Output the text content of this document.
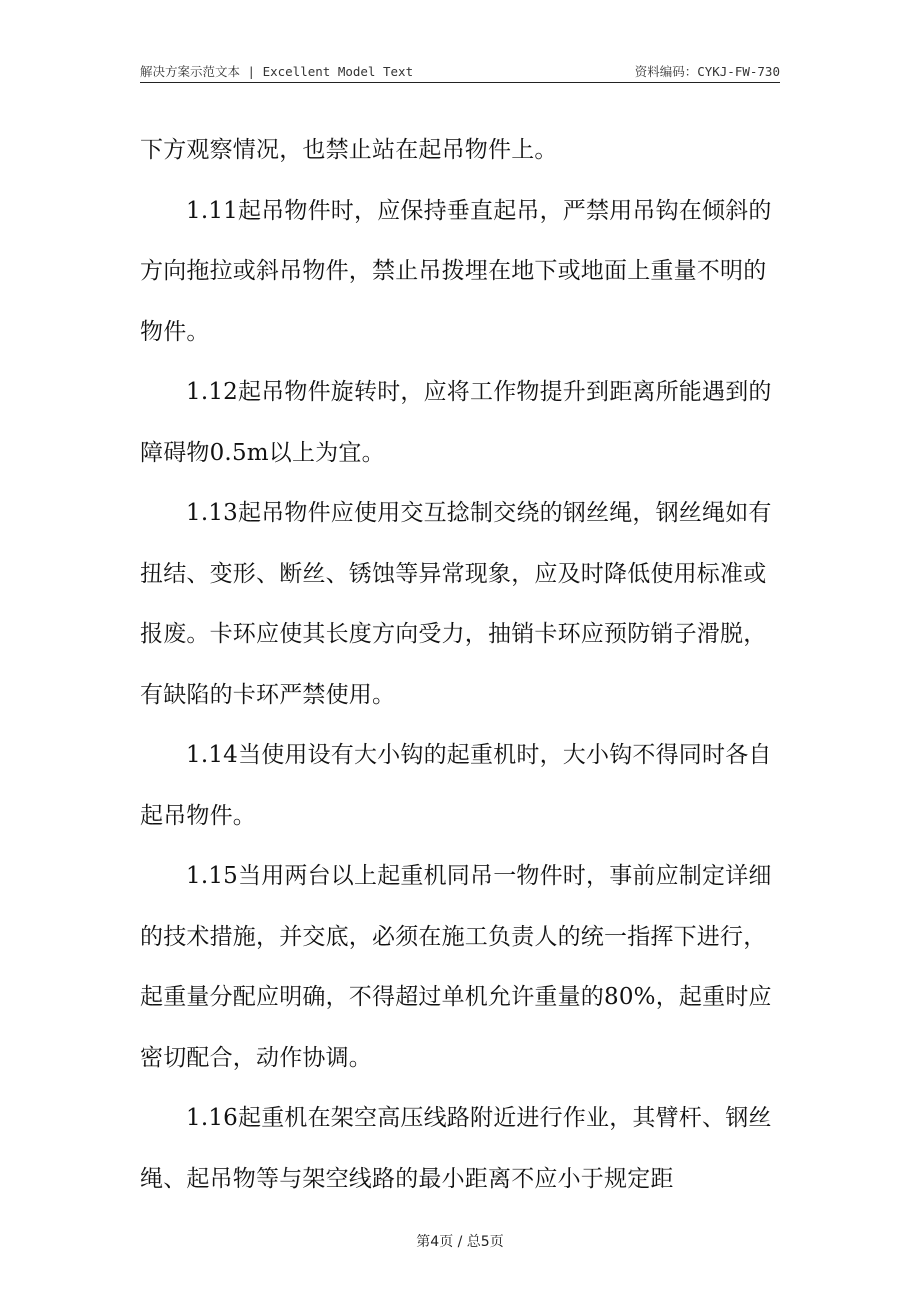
解决方案示范文本 | Excellent Model Text	资料编码：CYKJ-FW-730

下方观察情况，也禁止站在起吊物件上。

1.11起吊物件时，应保持垂直起吊，严禁用吊钩在倾斜的方向拖拉或斜吊物件，禁止吊拨埋在地下或地面上重量不明的物件。

1.12起吊物件旋转时，应将工作物提升到距离所能遇到的障碍物0.5m以上为宜。

1.13起吊物件应使用交互捻制交绕的钢丝绳，钢丝绳如有扭结、变形、断丝、锈蚀等异常现象，应及时降低使用标准或报废。卡环应使其长度方向受力，抽销卡环应预防销子滑脱，有缺陷的卡环严禁使用。

1.14当使用设有大小钩的起重机时，大小钩不得同时各自起吊物件。

1.15当用两台以上起重机同吊一物件时，事前应制定详细的技术措施，并交底，必须在施工负责人的统一指挥下进行，起重量分配应明确，不得超过单机允许重量的80%，起重时应密切配合，动作协调。

1.16起重机在架空高压线路附近进行作业，其臂杆、钢丝绳、起吊物等与架空线路的最小距离不应小于规定距

第4页 / 总5页
